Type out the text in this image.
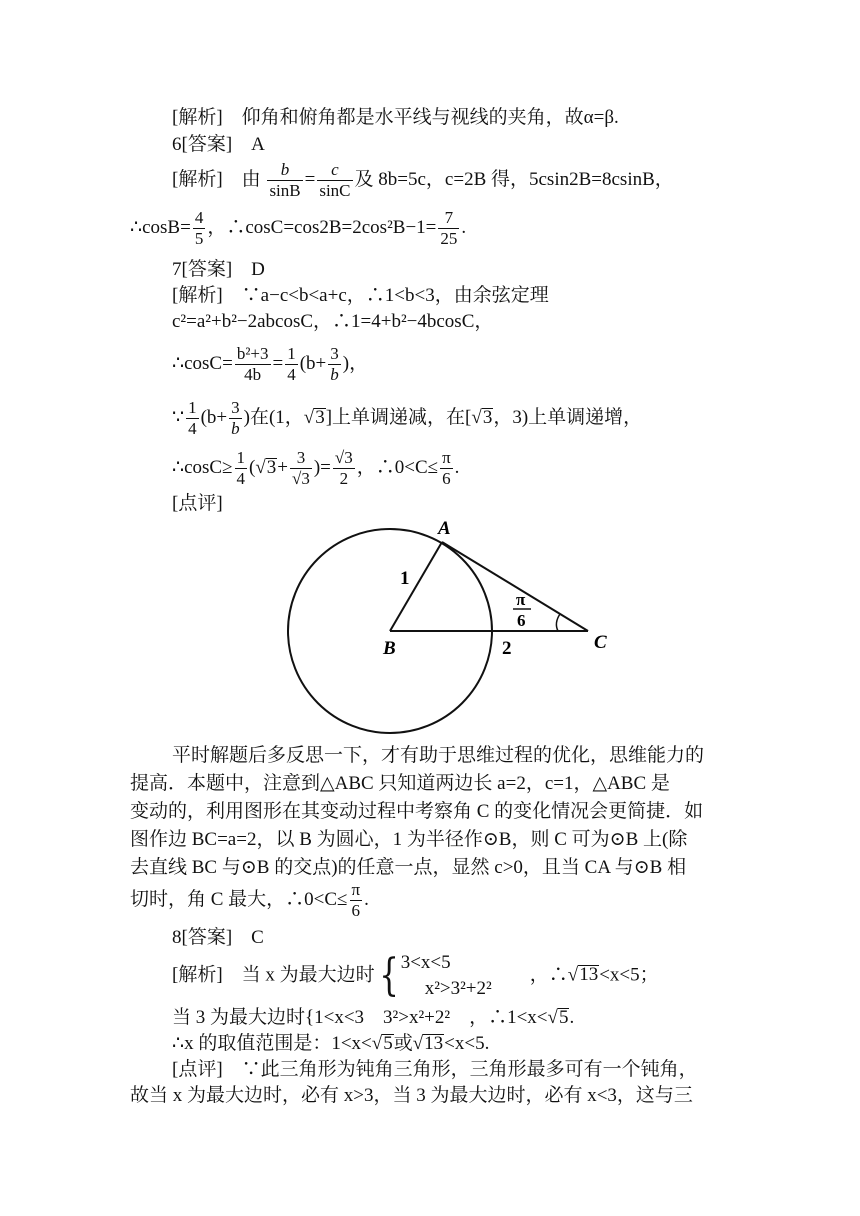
[解析]　 仰角和俯角都是水平线与视线的夹角，故α=β.
6[答案]　 A
[解析]　 由 $\frac{b}{\sin B} = \frac{c}{\sin C}$ 及 8b=5c，c=2B 得，5csin2B=8csinB，
∴cosB= $\frac{4}{5}$ ，∴cosC=cos2B=2cos²B−1= $\frac{7}{25}$ .
7[答案]　 D
[解析]　 ∵a−c<b<a+c，∴1<b<3，由余弦定理
c²=a²+b²−2abcosC，∴1=4+b²−4bcosC，
∴cosC= $\frac{\text{b²+3}}{4b} = \frac{1}{4} (b+ \frac{3}{b}$ )，
∵ $\frac{1}{4} (b+ \frac{3}{b}$ )在(1，√3]上单调递减，在[√3，3)上单调递增，
∴cosC≥ $\frac{1}{4} (√3+ \frac{3}{√3}$ )= $\frac{√3}{2}$ ，∴0<C≤ $\frac{\pi}{6}$ .
[点评]
A
B	C
1
2
π
6
平时解题后多反思一下，才有助于思维过程的优化，思维能力的
提高．本题中，注意到△ABC 只知道两边长 a=2，c=1，△ABC 是
变动的，利用图形在其变动过程中考察角 C 的变化情况会更简捷．如
图作边 BC=a=2，以 B 为圆心，1 为半径作⊙B，则 C 可为⊙B 上(除
去直线 BC 与⊙B 的交点)的任意一点，显然 c>0，且当 CA 与⊙B 相
切时，角 C 最大，∴0<C≤ $\frac{\pi}{6}$ .
8[答案]　 C
[解析]　 当 x 为最大边时{ 3<x<5
x²>3²+2²
　　，∴√13<x<5；
当 3 为最大边时{1<x<3　3²>x²+2²　 ，∴1<x<√5.
∴x 的取值范围是：1<x<√5或√13<x<5.
[点评]　 ∵此三角形为钝角三角形，三角形最多可有一个钝角，
故当 x 为最大边时，必有 x>3，当 3 为最大边时，必有 x<3，这与三
